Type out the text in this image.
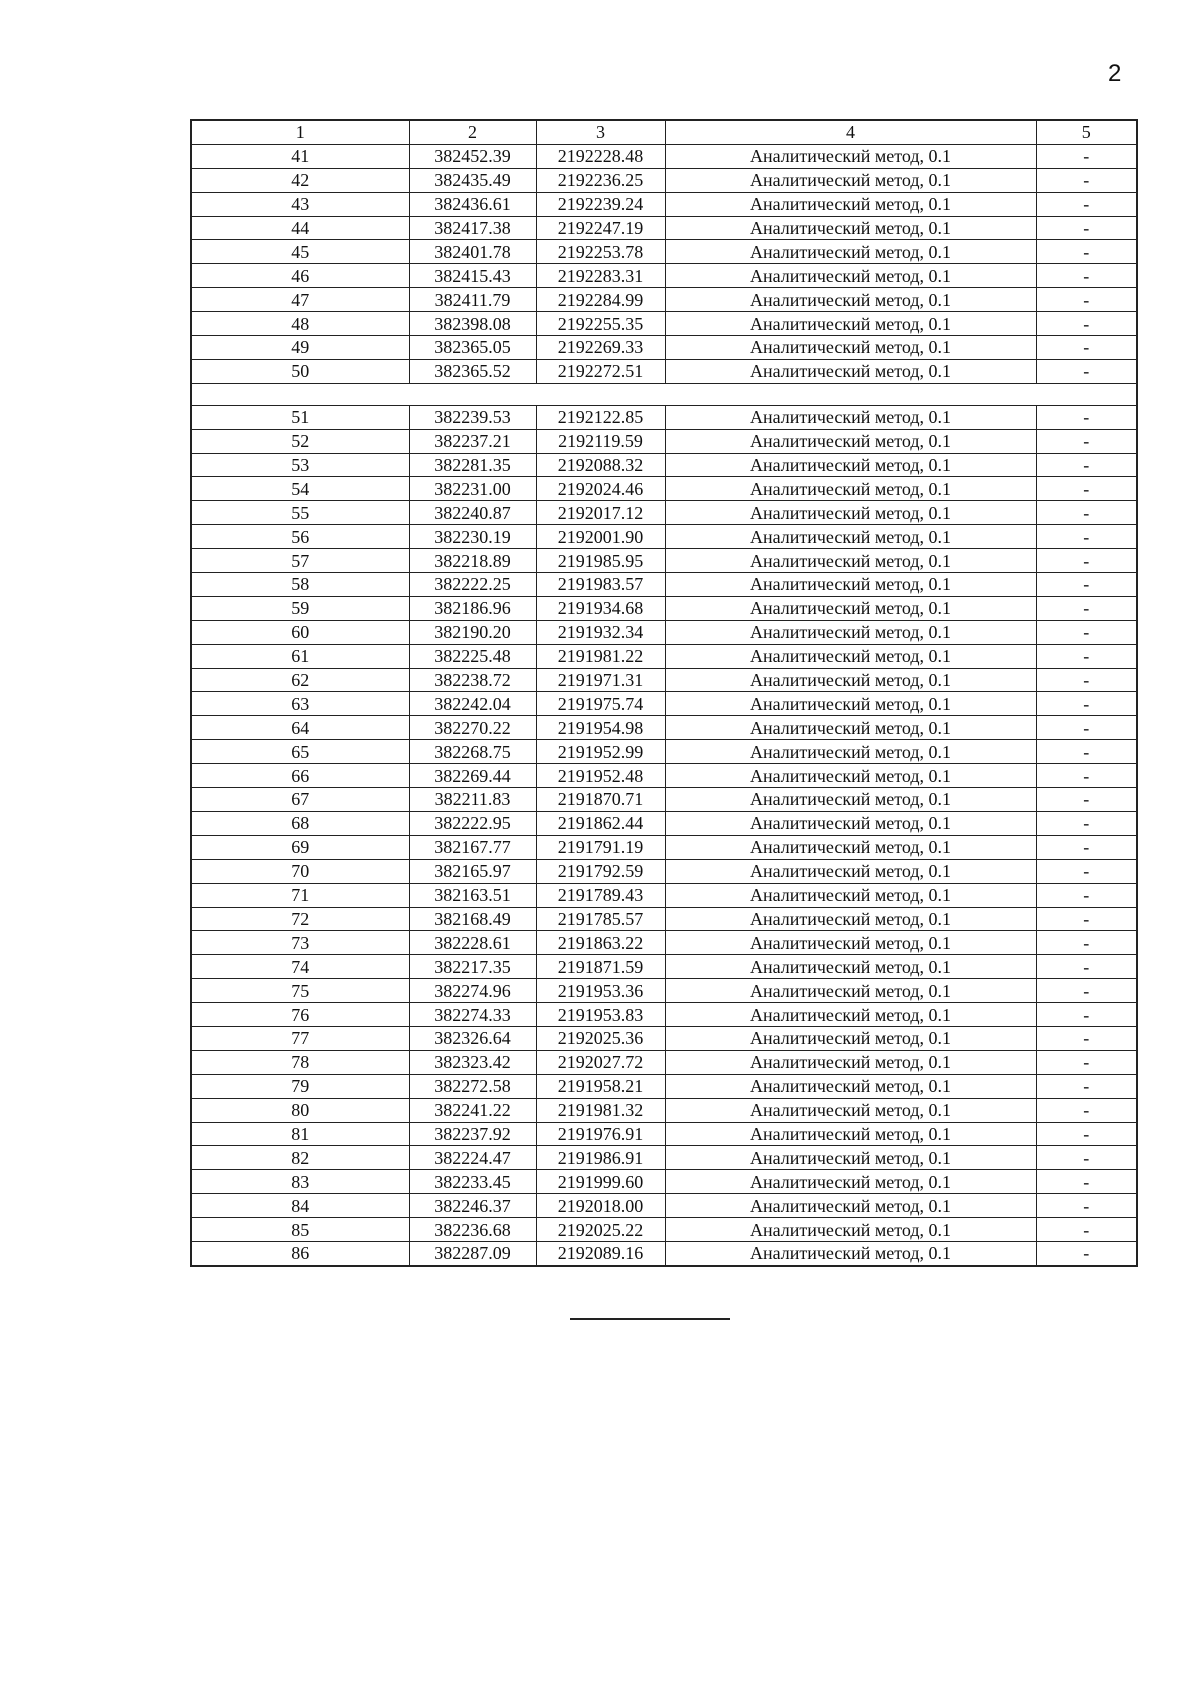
2
1	2	3	4	5
41	382452.39	2192228.48	Аналитический метод, 0.1	-
42	382435.49	2192236.25	Аналитический метод, 0.1	-
43	382436.61	2192239.24	Аналитический метод, 0.1	-
44	382417.38	2192247.19	Аналитический метод, 0.1	-
45	382401.78	2192253.78	Аналитический метод, 0.1	-
46	382415.43	2192283.31	Аналитический метод, 0.1	-
47	382411.79	2192284.99	Аналитический метод, 0.1	-
48	382398.08	2192255.35	Аналитический метод, 0.1	-
49	382365.05	2192269.33	Аналитический метод, 0.1	-
50	382365.52	2192272.51	Аналитический метод, 0.1	-

51	382239.53	2192122.85	Аналитический метод, 0.1	-
52	382237.21	2192119.59	Аналитический метод, 0.1	-
53	382281.35	2192088.32	Аналитический метод, 0.1	-
54	382231.00	2192024.46	Аналитический метод, 0.1	-
55	382240.87	2192017.12	Аналитический метод, 0.1	-
56	382230.19	2192001.90	Аналитический метод, 0.1	-
57	382218.89	2191985.95	Аналитический метод, 0.1	-
58	382222.25	2191983.57	Аналитический метод, 0.1	-
59	382186.96	2191934.68	Аналитический метод, 0.1	-
60	382190.20	2191932.34	Аналитический метод, 0.1	-
61	382225.48	2191981.22	Аналитический метод, 0.1	-
62	382238.72	2191971.31	Аналитический метод, 0.1	-
63	382242.04	2191975.74	Аналитический метод, 0.1	-
64	382270.22	2191954.98	Аналитический метод, 0.1	-
65	382268.75	2191952.99	Аналитический метод, 0.1	-
66	382269.44	2191952.48	Аналитический метод, 0.1	-
67	382211.83	2191870.71	Аналитический метод, 0.1	-
68	382222.95	2191862.44	Аналитический метод, 0.1	-
69	382167.77	2191791.19	Аналитический метод, 0.1	-
70	382165.97	2191792.59	Аналитический метод, 0.1	-
71	382163.51	2191789.43	Аналитический метод, 0.1	-
72	382168.49	2191785.57	Аналитический метод, 0.1	-
73	382228.61	2191863.22	Аналитический метод, 0.1	-
74	382217.35	2191871.59	Аналитический метод, 0.1	-
75	382274.96	2191953.36	Аналитический метод, 0.1	-
76	382274.33	2191953.83	Аналитический метод, 0.1	-
77	382326.64	2192025.36	Аналитический метод, 0.1	-
78	382323.42	2192027.72	Аналитический метод, 0.1	-
79	382272.58	2191958.21	Аналитический метод, 0.1	-
80	382241.22	2191981.32	Аналитический метод, 0.1	-
81	382237.92	2191976.91	Аналитический метод, 0.1	-
82	382224.47	2191986.91	Аналитический метод, 0.1	-
83	382233.45	2191999.60	Аналитический метод, 0.1	-
84	382246.37	2192018.00	Аналитический метод, 0.1	-
85	382236.68	2192025.22	Аналитический метод, 0.1	-
86	382287.09	2192089.16	Аналитический метод, 0.1	-
